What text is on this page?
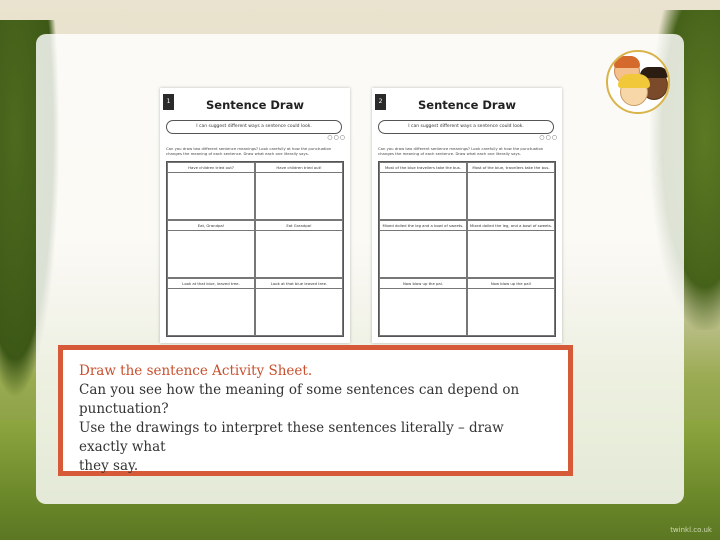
1	Sentence Draw
I can suggest different ways a sentence could look.
○○○
Can you draw two different sentence meanings? Look carefully at how the punctuation changes the meaning of each sentence. Draw what each one literally says.
Have children tried out?	Have children tried out!
Eat, Grandpa!	Eat Grandpa!
Look at that blue, leaved tree.	Look at that blue leaved tree.
2	Sentence Draw
I can suggest different ways a sentence could look.
○○○
Can you draw two different sentence meanings? Look carefully at how the punctuation changes the meaning of each sentence. Draw what each one literally says.
Most of the blue travellers take the bus.	Most of the blue, travellers take the bus.
Mixed dolled the leg and a bowl of sweets.	Mixed dolled the leg, and a bowl of sweets.
Now blow up the pal.	Now blow up the pal!
Draw the sentence Activity Sheet.
Can you see how the meaning of some sentences can depend on
punctuation?
Use the drawings to interpret these sentences literally – draw exactly what
they say.
twinkl.co.uk
